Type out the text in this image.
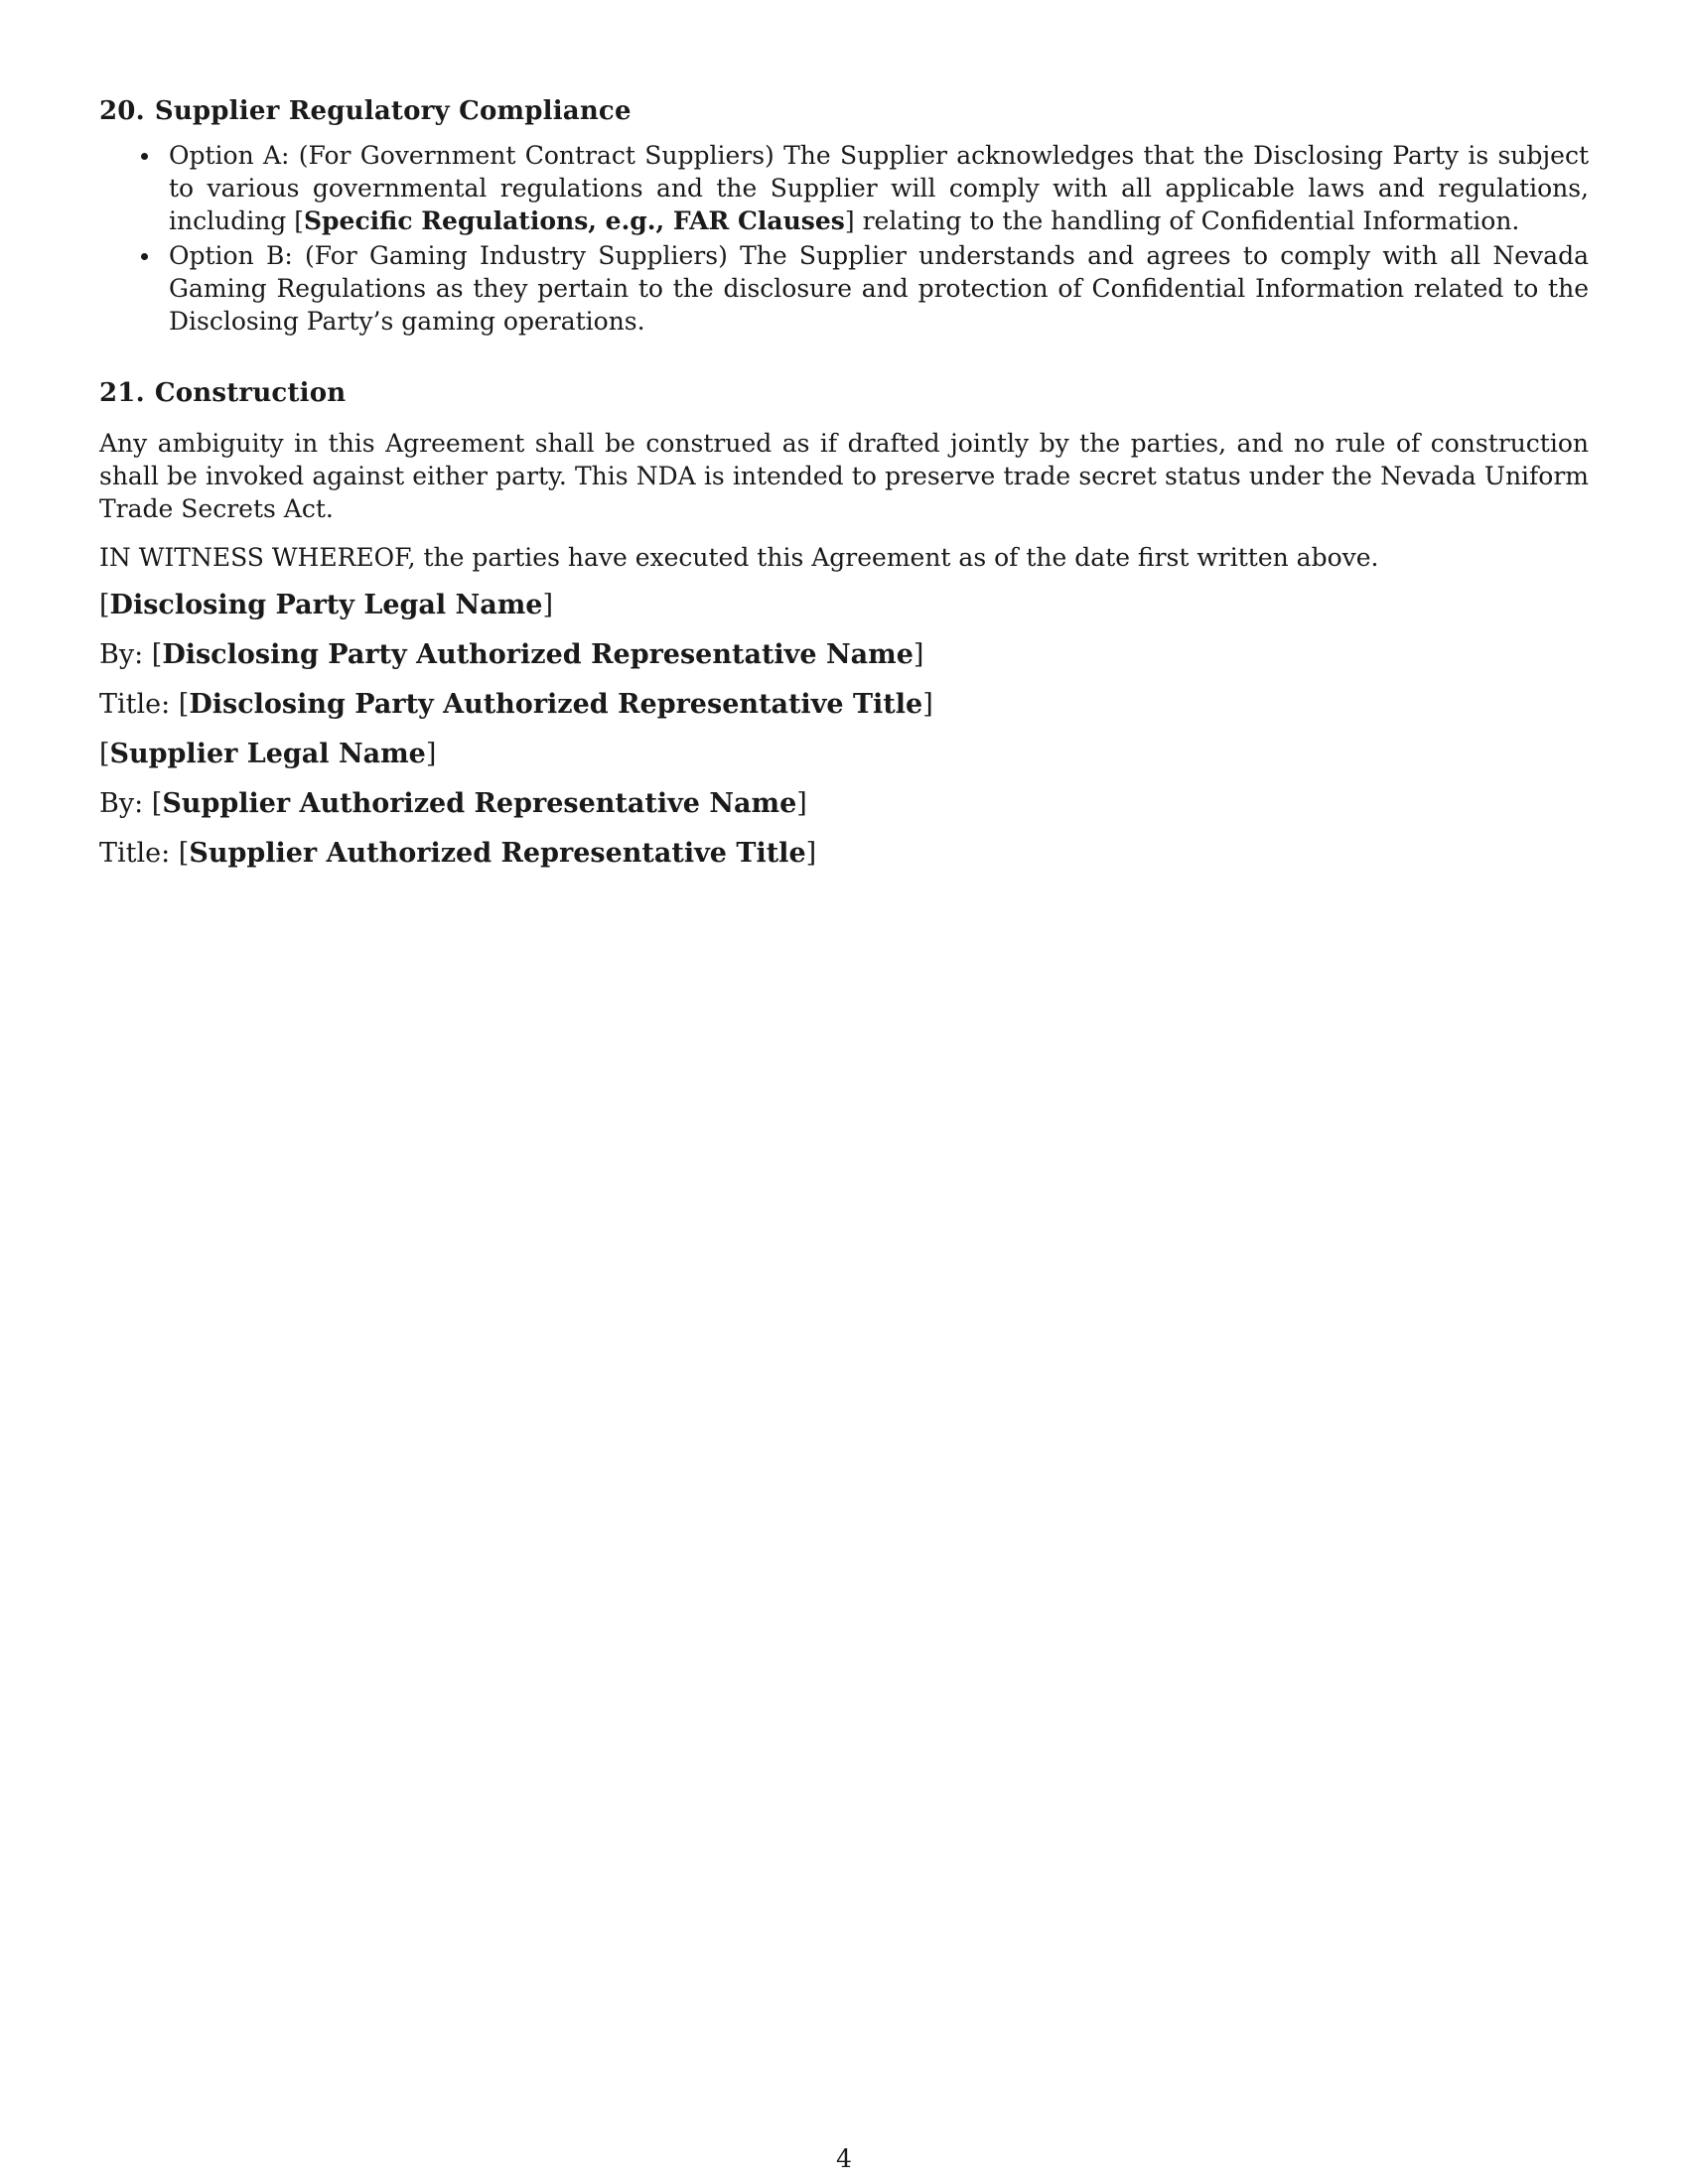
20. Supplier Regulatory Compliance
Option A: (For Government Contract Suppliers) The Supplier acknowledges that the Disclosing Party is subject to various governmental regulations and the Supplier will comply with all applicable laws and regulations, including [Specific Regulations, e.g., FAR Clauses] relating to the handling of Confidential Information.
Option B: (For Gaming Industry Suppliers) The Supplier understands and agrees to comply with all Nevada Gaming Regulations as they pertain to the disclosure and protection of Confidential Information related to the Disclosing Party’s gaming operations.
21. Construction

Any ambiguity in this Agreement shall be construed as if drafted jointly by the parties, and no rule of construction shall be invoked against either party. This NDA is intended to preserve trade secret status under the Nevada Uniform Trade Secrets Act.

IN WITNESS WHEREOF, the parties have executed this Agreement as of the date first written above.

[Disclosing Party Legal Name]
By: [Disclosing Party Authorized Representative Name]
Title: [Disclosing Party Authorized Representative Title]
[Supplier Legal Name]
By: [Supplier Authorized Representative Name]
Title: [Supplier Authorized Representative Title]
4
